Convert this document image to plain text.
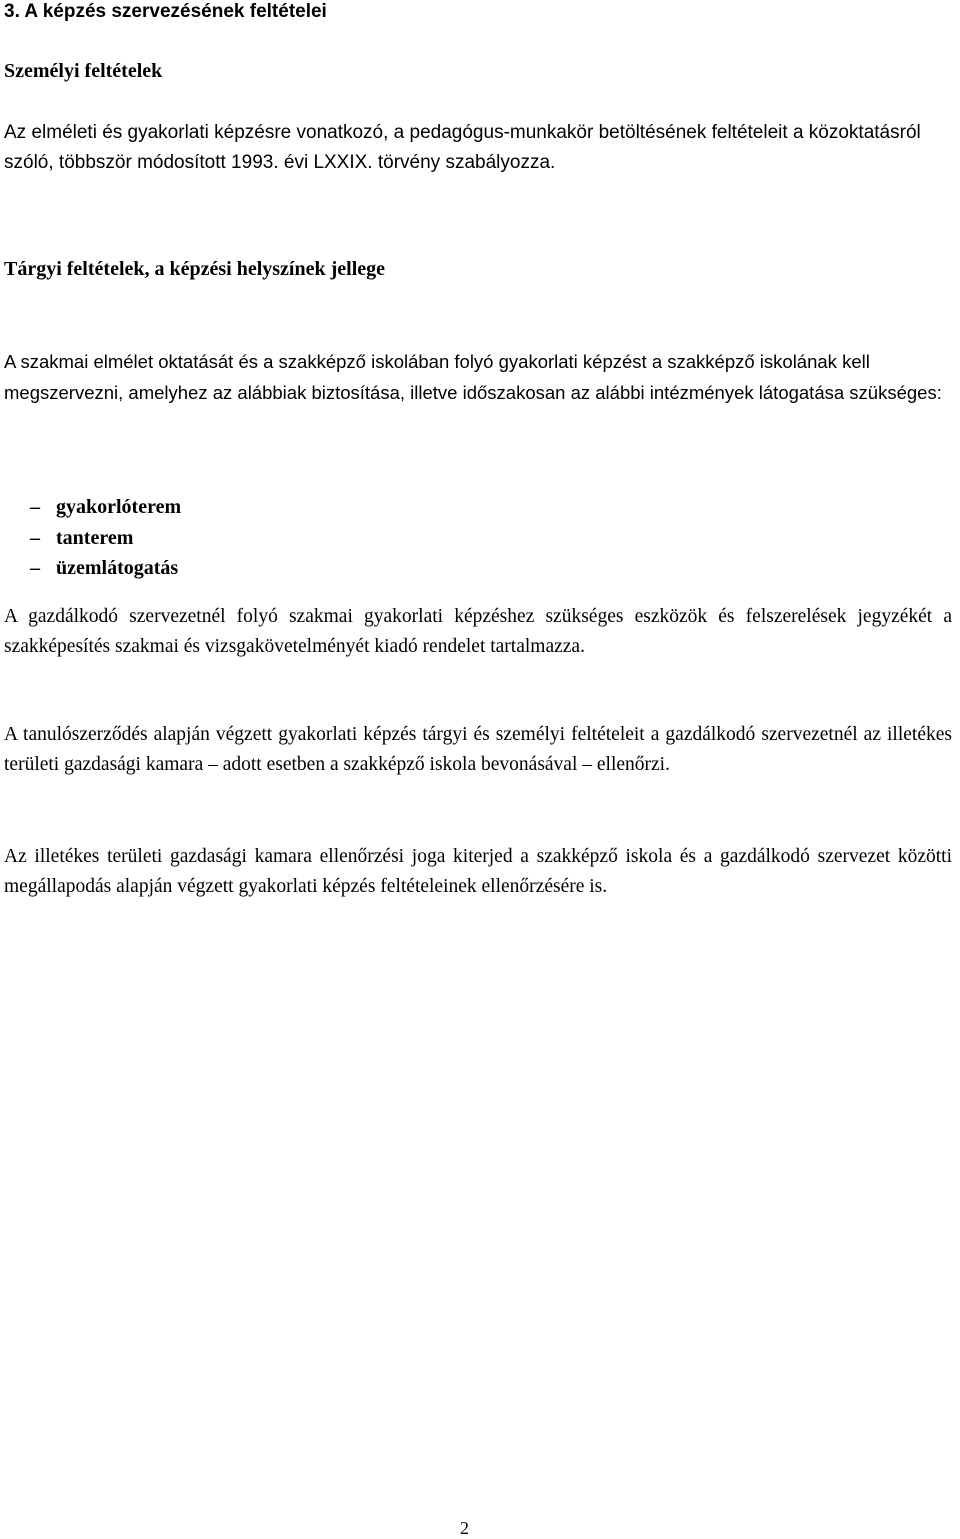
3. A képzés szervezésének feltételei
Személyi feltételek
Az elméleti és gyakorlati képzésre vonatkozó, a pedagógus-munkakör betöltésének feltételeit a közoktatásról szóló, többször módosított 1993. évi LXXIX. törvény szabályozza.
Tárgyi feltételek, a képzési helyszínek jellege
A szakmai elmélet oktatását és a szakképző iskolában folyó gyakorlati képzést a szakképző iskolának kell megszervezni, amelyhez az alábbiak biztosítása, illetve időszakosan az alábbi intézmények látogatása szükséges:
– gyakorlóterem
– tanterem
– üzemlátogatás
A gazdálkodó szervezetnél folyó szakmai gyakorlati képzéshez szükséges eszközök és felszerelések jegyzékét a szakképesítés szakmai és vizsgakövetelményét kiadó rendelet tartalmazza.
A tanulószerződés alapján végzett gyakorlati képzés tárgyi és személyi feltételeit a gazdálkodó szervezetnél az illetékes területi gazdasági kamara – adott esetben a szakképző iskola bevonásával – ellenőrzi.
Az illetékes területi gazdasági kamara ellenőrzési joga kiterjed a szakképző iskola és a gazdálkodó szervezet közötti megállapodás alapján végzett gyakorlati képzés feltételeinek ellenőrzésére is.
2
